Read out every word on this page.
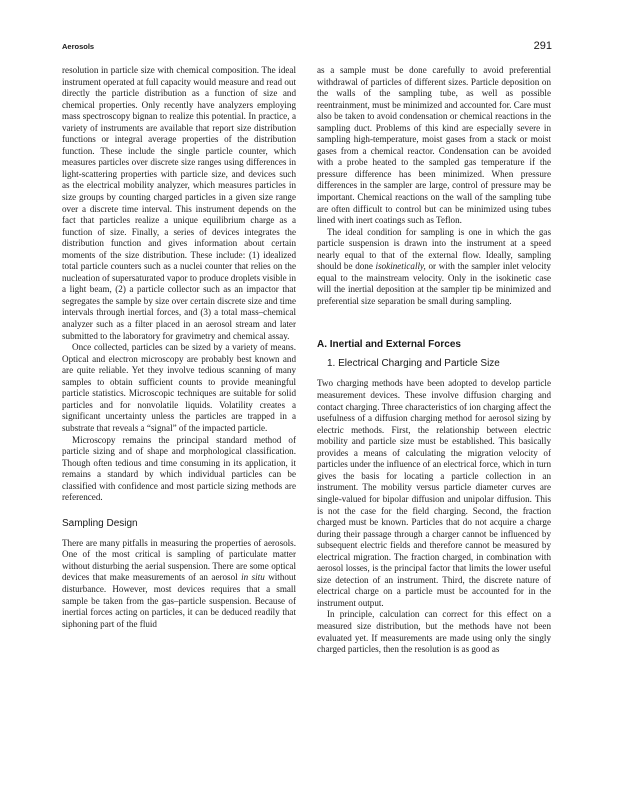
Aerosols	291

resolution in particle size with chemical composition. The ideal instrument operated at full capacity would measure and read out directly the particle distribution as a function of size and chemical properties. Only recently have analyzers employing mass spectroscopy bignan to realize this potential. In practice, a variety of instruments are available that report size distribution functions or integral average properties of the distribution function. These include the single particle counter, which measures particles over discrete size ranges using differences in light-scattering properties with particle size, and devices such as the electrical mobility analyzer, which measures particles in size groups by counting charged particles in a given size range over a discrete time interval. This instrument depends on the fact that particles realize a unique equilibrium charge as a function of size. Finally, a series of devices integrates the distribution function and gives information about certain moments of the size distribution. These include: (1) idealized total particle counters such as a nuclei counter that relies on the nucleation of supersaturated vapor to produce droplets visible in a light beam, (2) a particle collector such as an impactor that segregates the sample by size over certain discrete size and time intervals through inertial forces, and (3) a total mass–chemical analyzer such as a filter placed in an aerosol stream and later submitted to the laboratory for gravimetry and chemical assay.

Once collected, particles can be sized by a variety of means. Optical and electron microscopy are probably best known and are quite reliable. Yet they involve tedious scanning of many samples to obtain sufficient counts to provide meaningful particle statistics. Microscopic techniques are suitable for solid particles and for nonvolatile liquids. Volatility creates a significant uncertainty unless the particles are trapped in a substrate that reveals a “signal” of the impacted particle.

Microscopy remains the principal standard method of particle sizing and of shape and morphological classification. Though often tedious and time consuming in its application, it remains a standard by which individual particles can be classified with confidence and most particle sizing methods are referenced.

Sampling Design

There are many pitfalls in measuring the properties of aerosols. One of the most critical is sampling of particulate matter without disturbing the aerial suspension. There are some optical devices that make measurements of an aerosol in situ without disturbance. However, most devices requires that a small sample be taken from the gas–particle suspension. Because of inertial forces acting on particles, it can be deduced readily that siphoning part of the fluid

as a sample must be done carefully to avoid preferential withdrawal of particles of different sizes. Particle deposition on the walls of the sampling tube, as well as possible reentrainment, must be minimized and accounted for. Care must also be taken to avoid condensation or chemical reactions in the sampling duct. Problems of this kind are especially severe in sampling high-temperature, moist gases from a stack or moist gases from a chemical reactor. Condensation can be avoided with a probe heated to the sampled gas temperature if the pressure difference has been minimized. When pressure differences in the sampler are large, control of pressure may be important. Chemical reactions on the wall of the sampling tube are often difficult to control but can be minimized using tubes lined with inert coatings such as Teflon.

The ideal condition for sampling is one in which the gas particle suspension is drawn into the instrument at a speed nearly equal to that of the external flow. Ideally, sampling should be done isokinetically, or with the sampler inlet velocity equal to the mainstream velocity. Only in the isokinetic case will the inertial deposition at the sampler tip be minimized and preferential size separation be small during sampling.

A. Inertial and External Forces
1. Electrical Charging and Particle Size

Two charging methods have been adopted to develop particle measurement devices. These involve diffusion charging and contact charging. Three characteristics of ion charging affect the usefulness of a diffusion charging method for aerosol sizing by electric methods. First, the relationship between electric mobility and particle size must be established. This basically provides a means of calculating the migration velocity of particles under the influence of an electrical force, which in turn gives the basis for locating a particle collection in an instrument. The mobility versus particle diameter curves are single-valued for bipolar diffusion and unipolar diffusion. This is not the case for the field charging. Second, the fraction charged must be known. Particles that do not acquire a charge during their passage through a charger cannot be influenced by subsequent electric fields and therefore cannot be measured by electrical migration. The fraction charged, in combination with aerosol losses, is the principal factor that limits the lower useful size detection of an instrument. Third, the discrete nature of electrical charge on a particle must be accounted for in the instrument output.

In principle, calculation can correct for this effect on a measured size distribution, but the methods have not been evaluated yet. If measurements are made using only the singly charged particles, then the resolution is as good as
